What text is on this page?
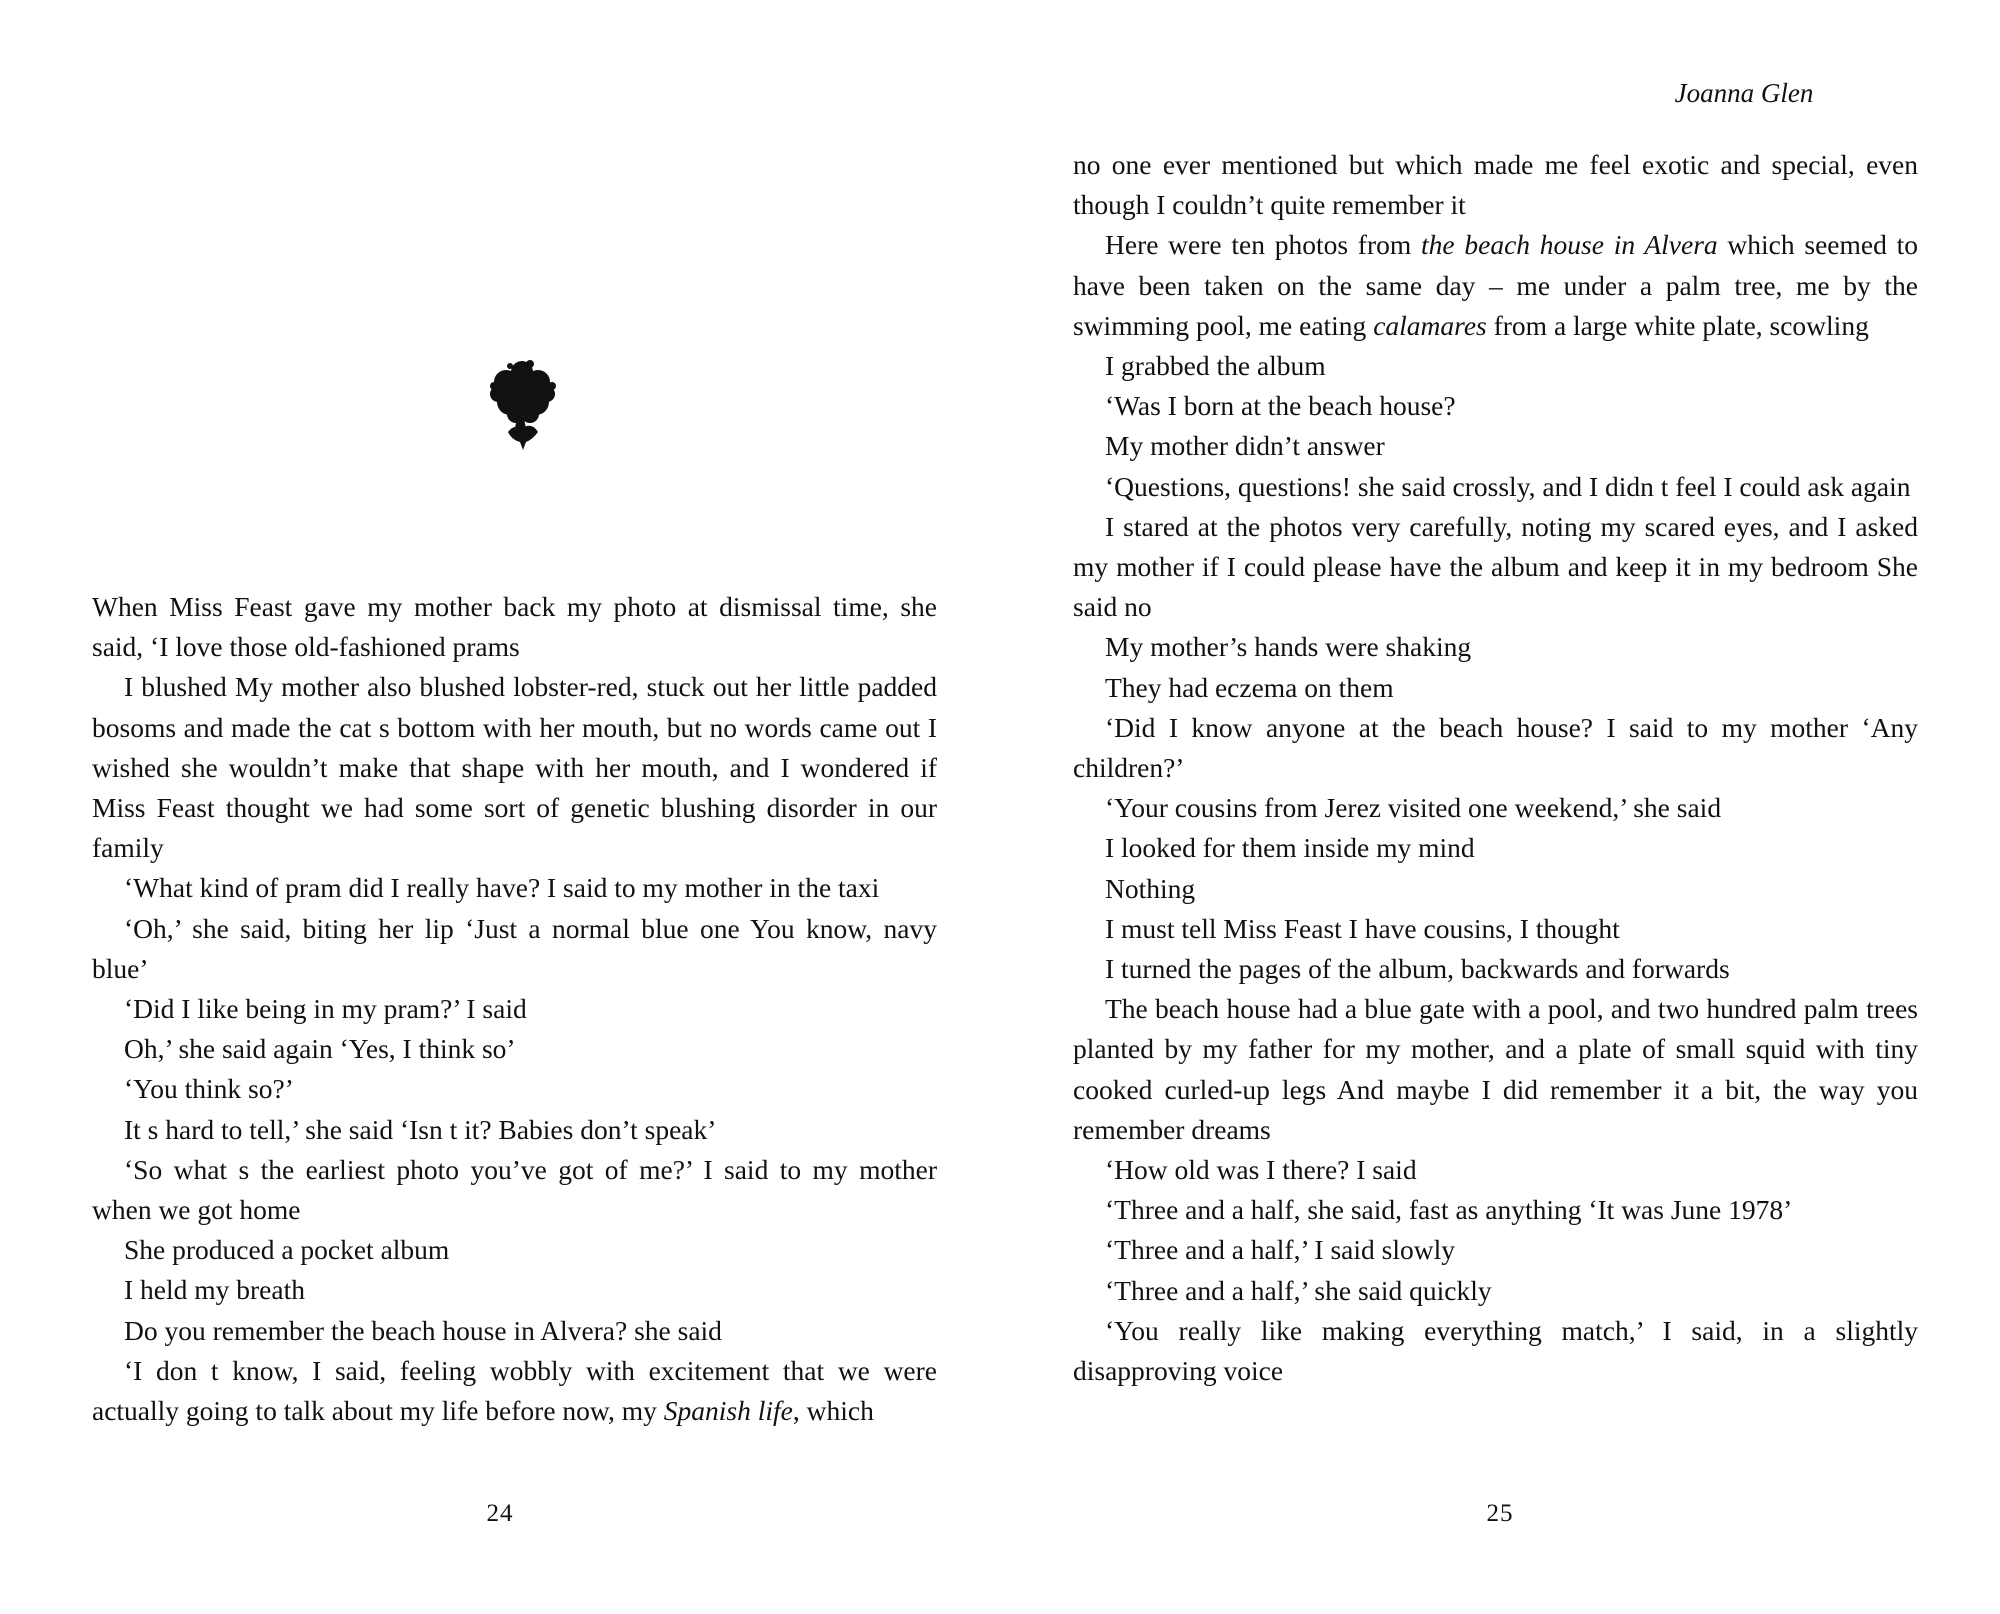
When Miss Feast gave my mother back my photo at dismissal time, she said, ‘I love those old-fashioned prams

I blushed My mother also blushed lobster-red, stuck out her little padded bosoms and made the cat s bottom with her mouth, but no words came out I wished she wouldn’t make that shape with her mouth, and I wondered if Miss Feast thought we had some sort of genetic blushing disorder in our family

‘What kind of pram did I really have? I said to my mother in the taxi

‘Oh,’ she said, biting her lip ‘Just a normal blue one You know, navy blue’

‘Did I like being in my pram?’ I said

Oh,’ she said again ‘Yes, I think so’

‘You think so?’

It s hard to tell,’ she said ‘Isn t it? Babies don’t speak’

‘So what s the earliest photo you’ve got of me?’ I said to my mother when we got home

She produced a pocket album

I held my breath

Do you remember the beach house in Alvera? she said

‘I don t know, I said, feeling wobbly with excitement that we were actually going to talk about my life before now, my Spanish life, which

24
Joanna Glen

no one ever mentioned but which made me feel exotic and special, even though I couldn’t quite remember it

Here were ten photos from the beach house in Alvera which seemed to have been taken on the same day – me under a palm tree, me by the swimming pool, me eating calamares from a large white plate, scowling

I grabbed the album

‘Was I born at the beach house?

My mother didn’t answer

‘Questions, questions! she said crossly, and I didn t feel I could ask again

I stared at the photos very carefully, noting my scared eyes, and I asked my mother if I could please have the album and keep it in my bedroom She said no

My mother’s hands were shaking

They had eczema on them

‘Did I know anyone at the beach house? I said to my mother ‘Any children?’

‘Your cousins from Jerez visited one weekend,’ she said

I looked for them inside my mind

Nothing

I must tell Miss Feast I have cousins, I thought

I turned the pages of the album, backwards and forwards

The beach house had a blue gate with a pool, and two hundred palm trees planted by my father for my mother, and a plate of small squid with tiny cooked curled-up legs And maybe I did remember it a bit, the way you remember dreams

‘How old was I there? I said

‘Three and a half, she said, fast as anything ‘It was June 1978’

‘Three and a half,’ I said slowly

‘Three and a half,’ she said quickly

‘You really like making everything match,’ I said, in a slightly disapproving voice

25
